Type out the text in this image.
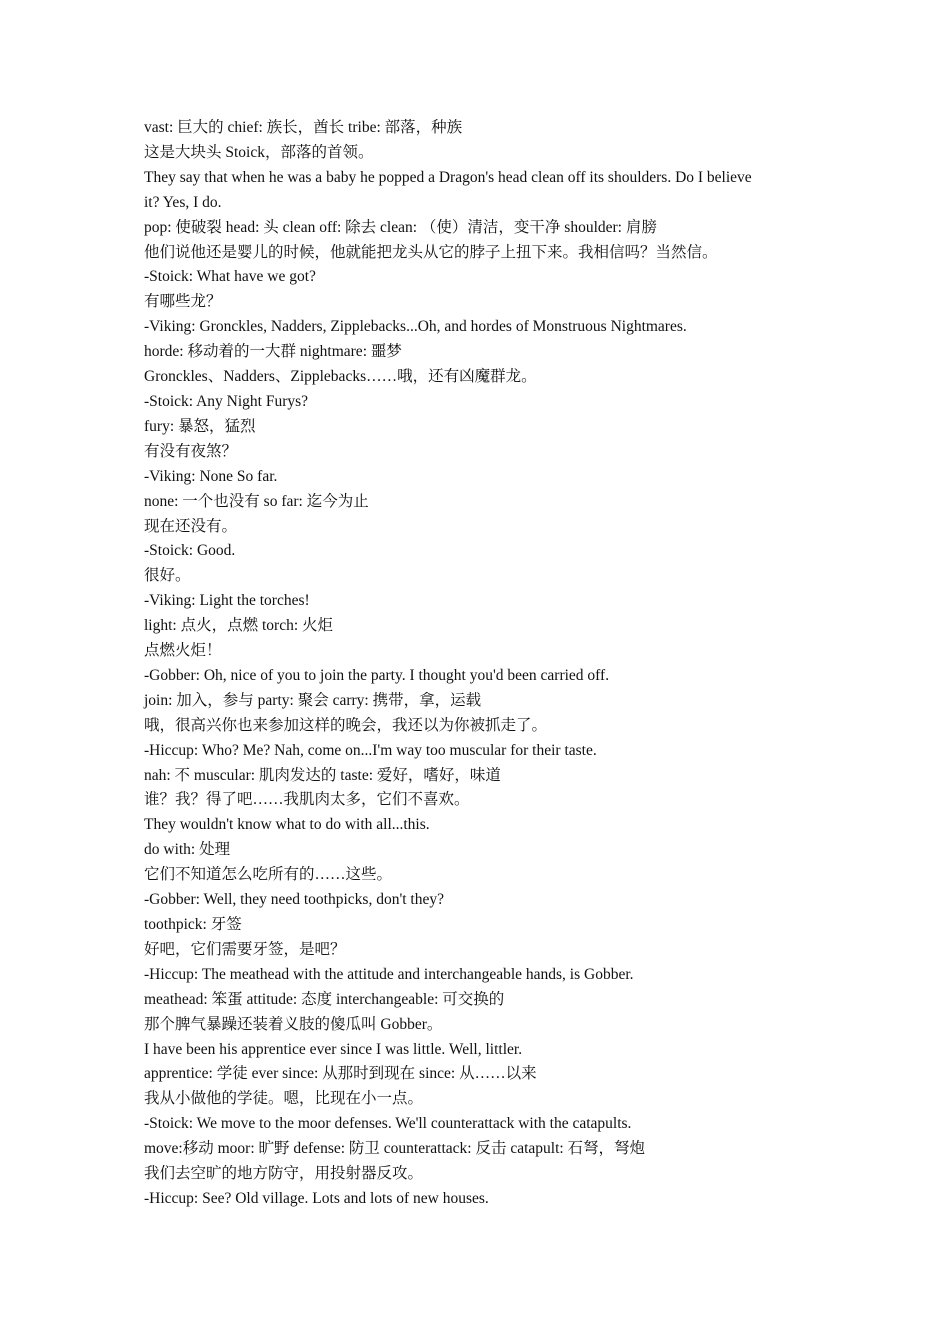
vast: 巨大的 chief: 族长，酋长 tribe: 部落，种族

这是大块头 Stoick，部落的首领。

They say that when he was a baby he popped a Dragon's head clean off its shoulders. Do I believe

it? Yes, I do.

pop: 使破裂 head: 头 clean off: 除去 clean: （使）清洁，变干净 shoulder: 肩膀

他们说他还是婴儿的时候，他就能把龙头从它的脖子上扭下来。我相信吗？当然信。

-Stoick: What have we got?

有哪些龙？

-Viking: Gronckles, Nadders, Zipplebacks...Oh, and hordes of Monstruous Nightmares.

horde: 移动着的一大群 nightmare: 噩梦

Gronckles、Nadders、Zipplebacks……哦，还有凶魔群龙。

-Stoick: Any Night Furys?

fury: 暴怒，猛烈

有没有夜煞？

-Viking: None So far.

none: 一个也没有 so far: 迄今为止

现在还没有。

-Stoick: Good.

很好。

-Viking: Light the torches!

light: 点火，点燃 torch: 火炬

点燃火炬！

-Gobber: Oh, nice of you to join the party. I thought you'd been carried off.

join: 加入，参与 party: 聚会 carry: 携带，拿，运载

哦，很高兴你也来参加这样的晚会，我还以为你被抓走了。

-Hiccup: Who? Me? Nah, come on...I'm way too muscular for their taste.

nah: 不 muscular: 肌肉发达的 taste: 爱好，嗜好，味道

谁？我？得了吧……我肌肉太多，它们不喜欢。

They wouldn't know what to do with all...this.

do with: 处理

它们不知道怎么吃所有的……这些。

-Gobber: Well, they need toothpicks, don't they?

toothpick: 牙签

好吧，它们需要牙签，是吧？

-Hiccup: The meathead with the attitude and interchangeable hands, is Gobber.

meathead: 笨蛋 attitude: 态度 interchangeable: 可交换的

那个脾气暴躁还装着义肢的傻瓜叫 Gobber。

I have been his apprentice ever since I was little. Well, littler.

apprentice: 学徒 ever since: 从那时到现在 since: 从……以来

我从小做他的学徒。嗯，比现在小一点。

-Stoick: We move to the moor defenses. We'll counterattack with the catapults.

move:移动 moor: 旷野 defense: 防卫 counterattack: 反击 catapult: 石弩，弩炮

我们去空旷的地方防守，用投射器反攻。

-Hiccup: See? Old village. Lots and lots of new houses.
